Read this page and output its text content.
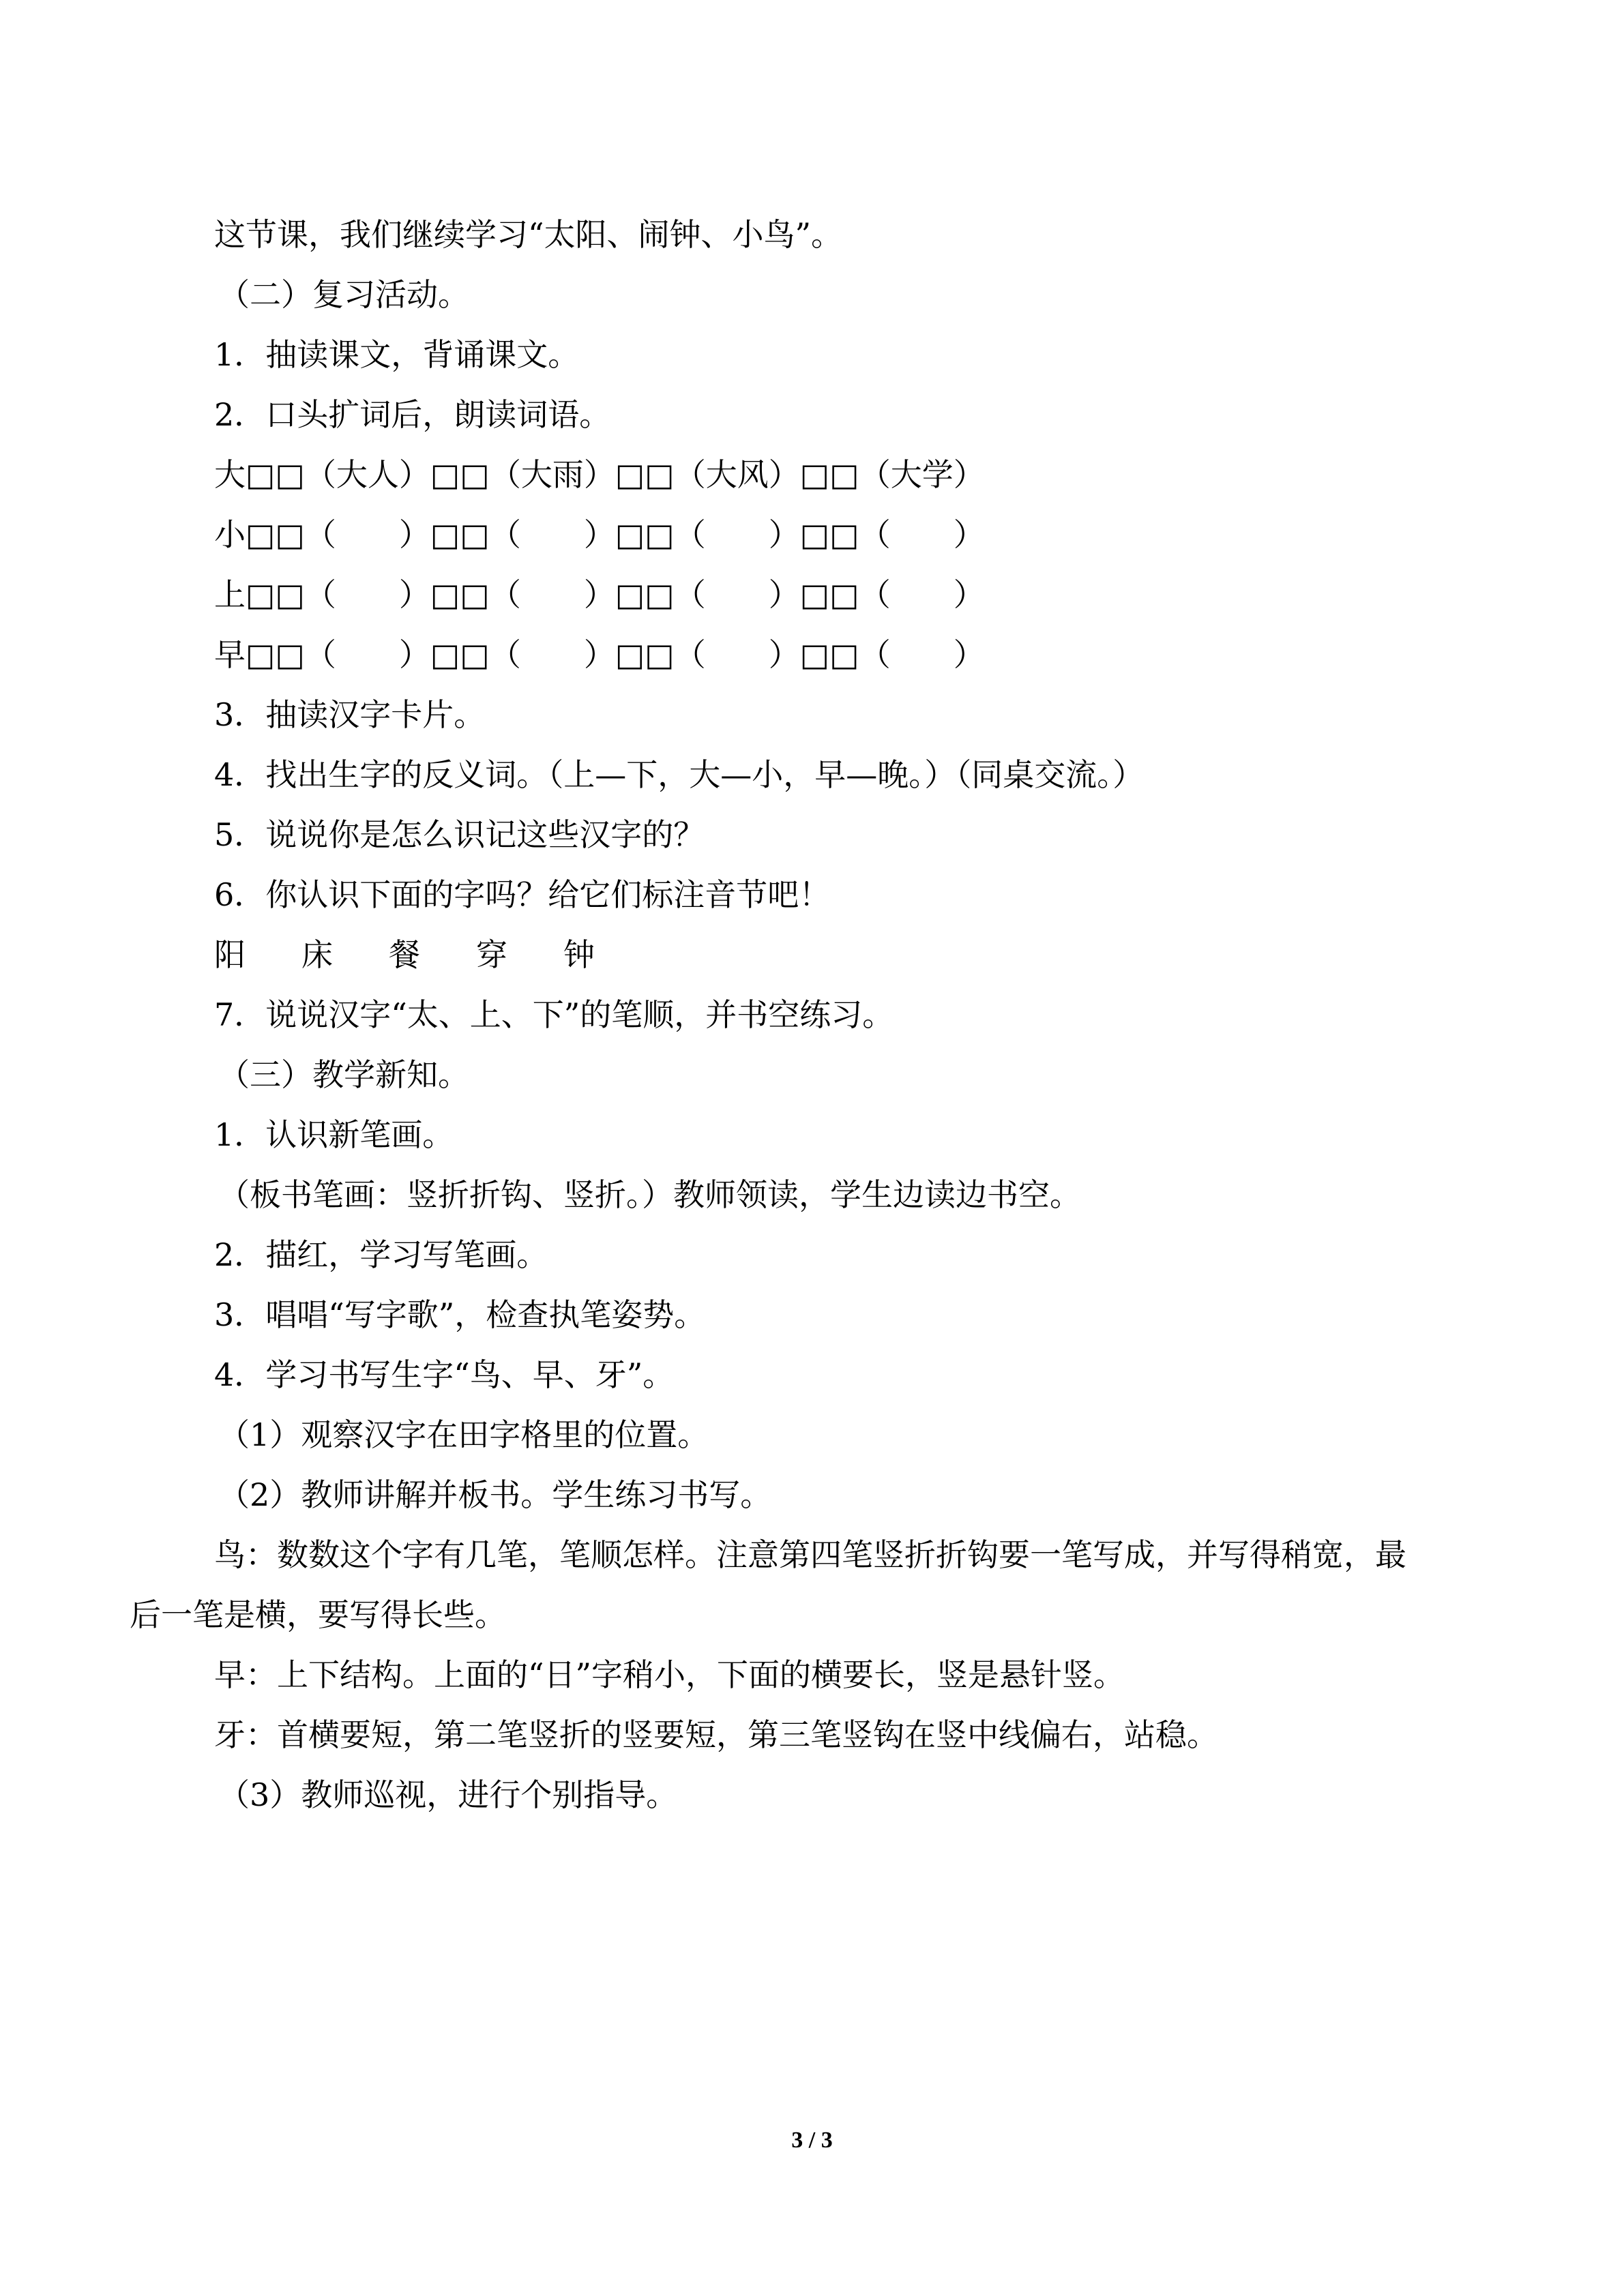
这节课，我们继续学习“太阳、闹钟、小鸟”。

（二）复习活动。

1．抽读课文，背诵课文。

2．口头扩词后，朗读词语。

大□□（大人）□□（大雨）□□（大风）□□（大学）

小□□（　　）□□（　　）□□（　　）□□（　　）

上□□（　　）□□（　　）□□（　　）□□（　　）

早□□（　　）□□（　　）□□（　　）□□（　　）

3．抽读汉字卡片。

4．找出生字的反义词。（上—下，大—小，早—晚。）（同桌交流。）

5．说说你是怎么识记这些汉字的？

6．你认识下面的字吗？给它们标注音节吧！

阳 床 餐 穿 钟

7．说说汉字“太、上、下”的笔顺，并书空练习。

（三）教学新知。

1．认识新笔画。

（板书笔画：竖折折钩、竖折。）教师领读，学生边读边书空。

2．描红，学习写笔画。

3．唱唱“写字歌”，检查执笔姿势。

4．学习书写生字“鸟、早、牙”。

（1）观察汉字在田字格里的位置。

（2）教师讲解并板书。学生练习书写。

鸟：数数这个字有几笔，笔顺怎样。注意第四笔竖折折钩要一笔写成，并写得稍宽，最

后一笔是横，要写得长些。

早：上下结构。上面的“日”字稍小，下面的横要长，竖是悬针竖。

牙：首横要短，第二笔竖折的竖要短，第三笔竖钩在竖中线偏右，站稳。

（3）教师巡视，进行个别指导。

3 / 3
